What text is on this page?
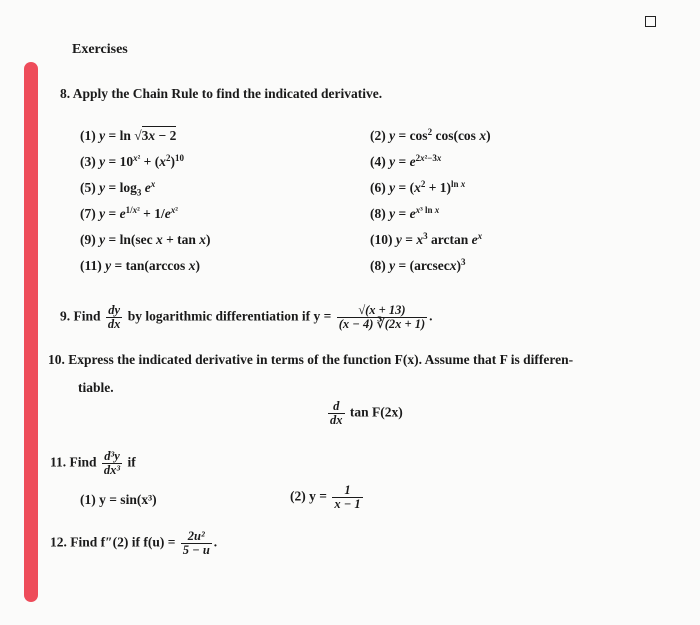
Exercises
8. Apply the Chain Rule to find the indicated derivative.
(1) y = ln √3x − 2	(2) $y = \cos^2 \cos(\cos$ x)
(3) $y = 10^{x^2} + (x^2)^{10}$	(4) $y = e^{2x^2-3x}$
(5) $y = \log_3 e^x$	(6) $y = (x^2 + 1)^{ln x}$
(7) $y = e^{1/x^2} + 1/e^{x^2}$	(8) $y = e^{x^3 ln x}$
(9) y = ln(sec x + tan x)	(10) $y = x^3$ $\arctan e^x$
(11) y = tan(arccos x)	(8) $y = (arcsecx)^3$
9. Find $\frac{dy}{dx}$ by logarithmic differentiation if $y = \frac{√(x + 13)}{(x - 4) ∛(2x + 1)}$ .
10. Express the indicated derivative in terms of the function F(x). Assume that F is differen-
tiable.
$\frac{d}{dx}$ tan F(2x)
11. Find $\frac{\text{d³y}}{\text{dx³}}$ if
(1) y = sin(x³)	(2) $y = \frac{1}{x - 1}$
12. Find f″(2) if $f(u) = \frac{\text{2u²}}{5 - u}$ .
